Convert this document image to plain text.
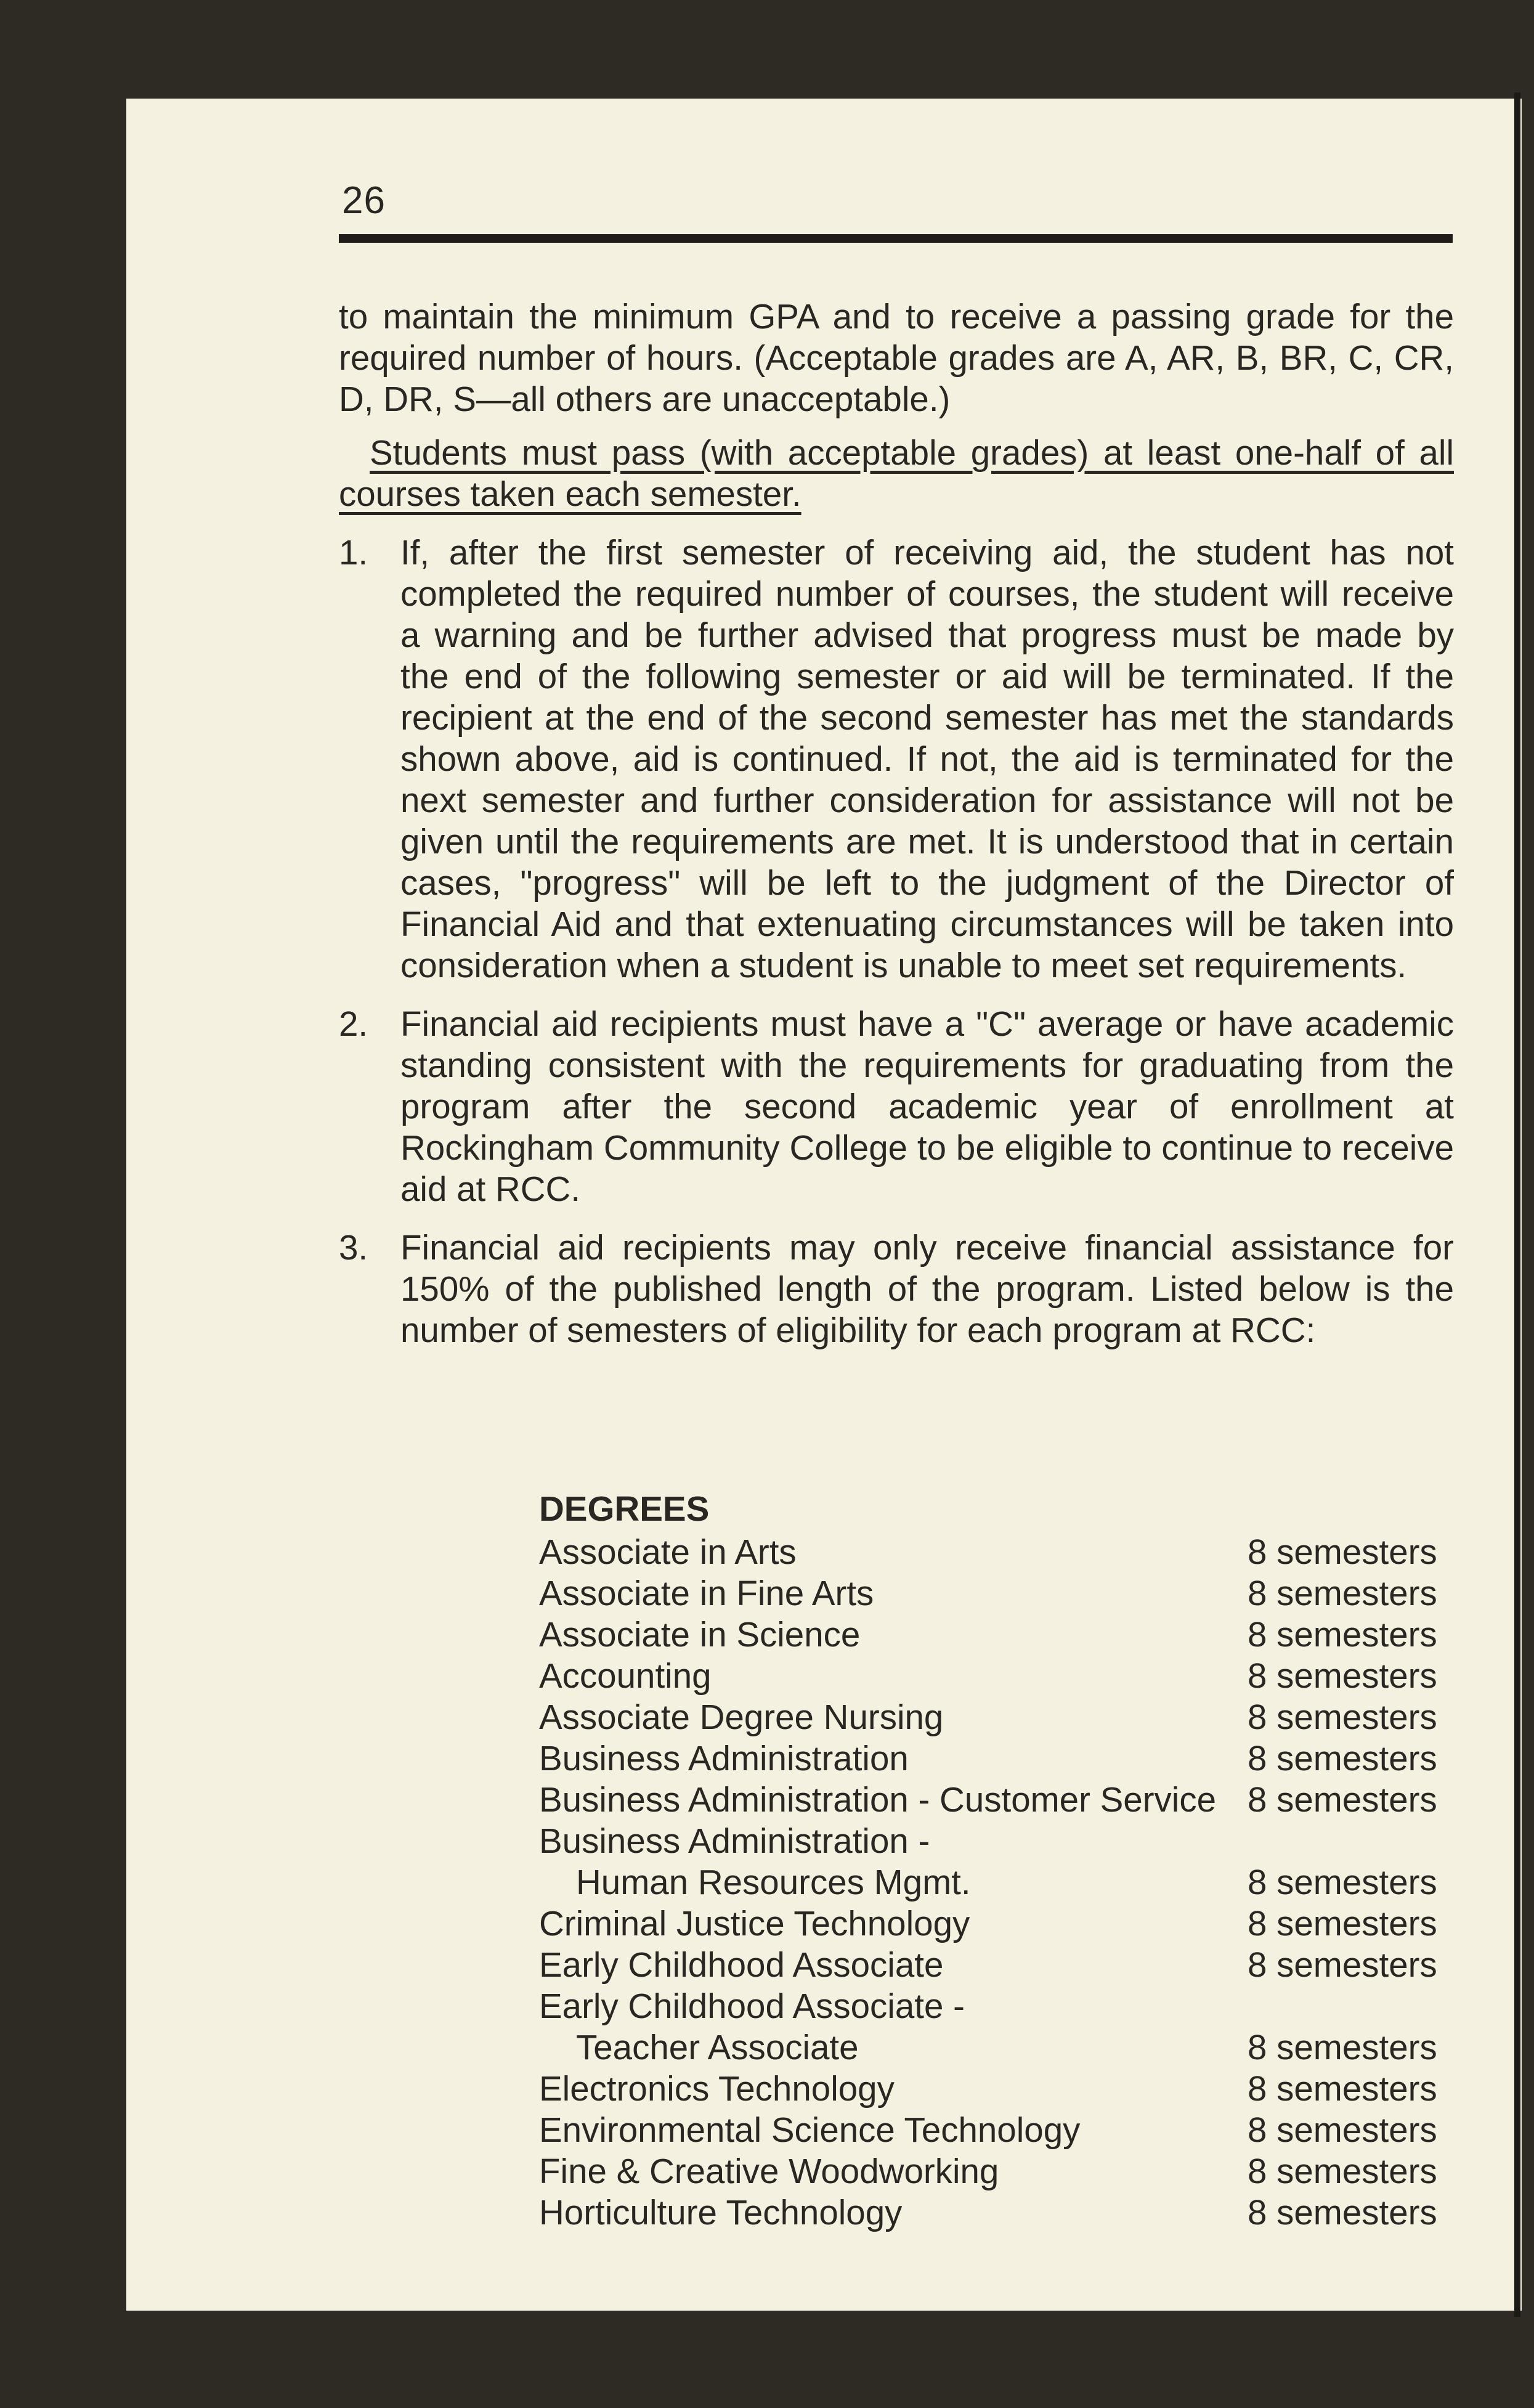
26

to maintain the minimum GPA and to receive a passing grade for the required number of hours. (Acceptable grades are A, AR, B, BR, C, CR, D, DR, S—all others are unacceptable.)

Students must pass (with acceptable grades) at least one-half of all courses taken each semester.

1. If, after the first semester of receiving aid, the student has not completed the required number of courses, the student will receive a warning and be further advised that progress must be made by the end of the following semester or aid will be terminated. If the recipient at the end of the second semester has met the standards shown above, aid is continued. If not, the aid is terminated for the next semester and further consideration for assistance will not be given until the requirements are met. It is understood that in certain cases, "progress" will be left to the judgment of the Director of Financial Aid and that extenuating circumstances will be taken into consideration when a student is unable to meet set requirements.
2. Financial aid recipients must have a "C" average or have academic standing consistent with the requirements for graduating from the program after the second academic year of enrollment at Rockingham Community College to be eligible to continue to receive aid at RCC.
3. Financial aid recipients may only receive financial assistance for 150% of the published length of the program. Listed below is the number of semesters of eligibility for each program at RCC:
DEGREES
Associate in Arts	8 semesters
Associate in Fine Arts	8 semesters
Associate in Science	8 semesters
Accounting	8 semesters
Associate Degree Nursing	8 semesters
Business Administration	8 semesters
Business Administration - Customer Service 8 semesters
Business Administration -
Human Resources Mgmt.	8 semesters
Criminal Justice Technology	8 semesters
Early Childhood Associate	8 semesters
Early Childhood Associate -
Teacher Associate	8 semesters
Electronics Technology	8 semesters
Environmental Science Technology	8 semesters
Fine & Creative Woodworking	8 semesters
Horticulture Technology	8 semesters
